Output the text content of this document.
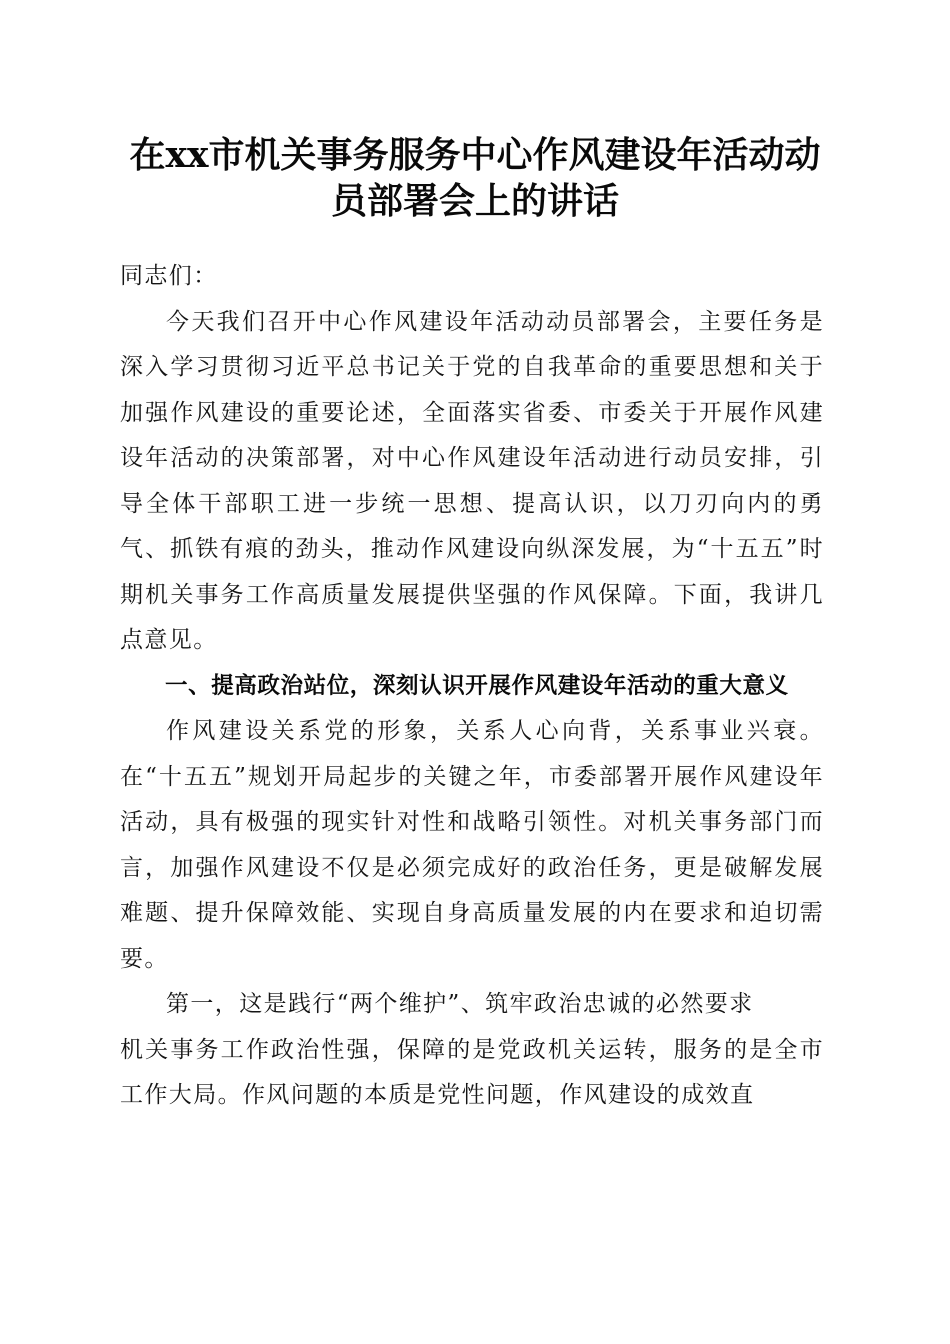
在xx市机关事务服务中心作风建设年活动动
员部署会上的讲话

同志们：

今天我们召开中心作风建设年活动动员部署会，主要任务是深入学习贯彻习近平总书记关于党的自我革命的重要思想和关于加强作风建设的重要论述，全面落实省委、市委关于开展作风建设年活动的决策部署，对中心作风建设年活动进行动员安排，引导全体干部职工进一步统一思想、提高认识，以刀刃向内的勇气、抓铁有痕的劲头，推动作风建设向纵深发展，为“十五五”时期机关事务工作高质量发展提供坚强的作风保障。下面，我讲几点意见。

一、提高政治站位，深刻认识开展作风建设年活动的重大意义

作风建设关系党的形象，关系人心向背，关系事业兴衰。在“十五五”规划开局起步的关键之年，市委部署开展作风建设年活动，具有极强的现实针对性和战略引领性。对机关事务部门而言，加强作风建设不仅是必须完成好的政治任务，更是破解发展难题、提升保障效能、实现自身高质量发展的内在要求和迫切需要。

第一，这是践行“两个维护”、筑牢政治忠诚的必然要求

机关事务工作政治性强，保障的是党政机关运转，服务的是全市工作大局。作风问题的本质是党性问题，作风建设的成效直
